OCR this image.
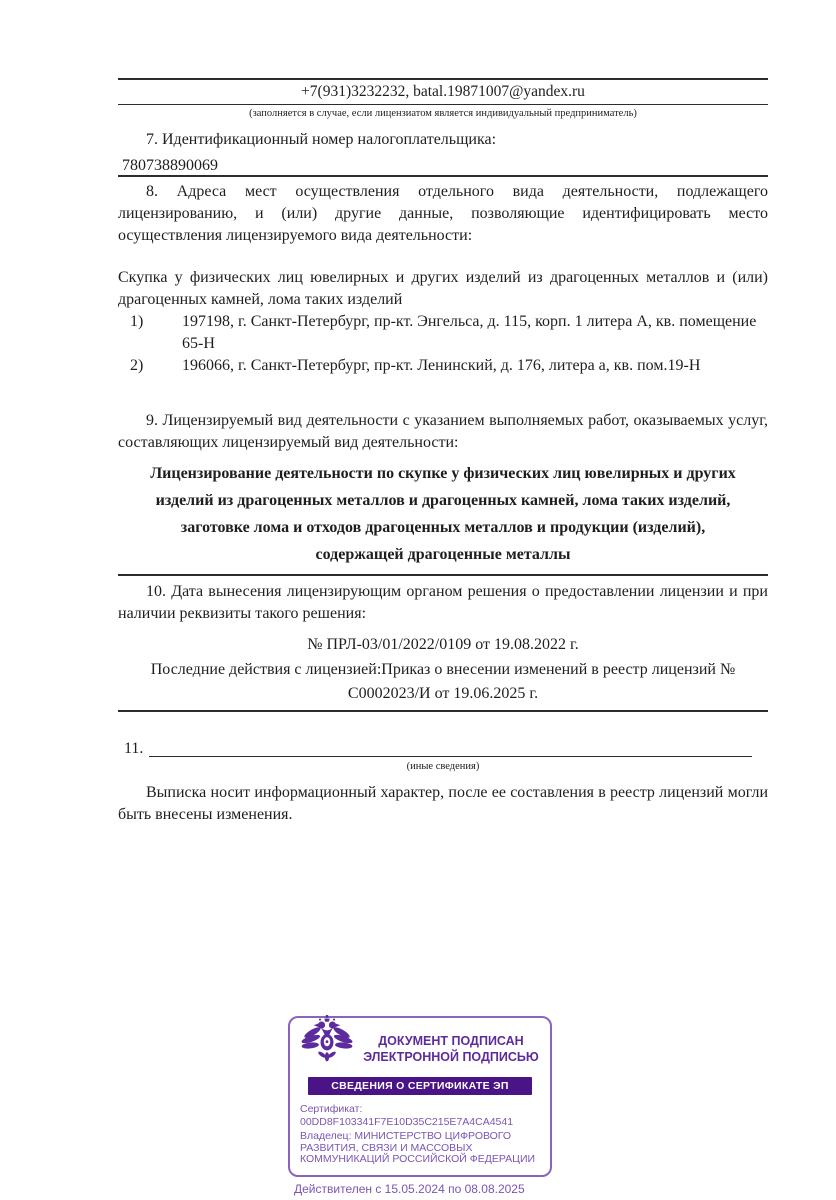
+7(931)3232232, batal.19871007@yandex.ru
(заполняется в случае, если лицензиатом является индивидуальный предприниматель)
7. Идентификационный номер налогоплательщика:
780738890069
8. Адреса мест осуществления отдельного вида деятельности, подлежащего лицензированию, и (или) другие данные, позволяющие идентифицировать место осуществления лицензируемого вида деятельности:
Скупка у физических лиц ювелирных и других изделий из драгоценных металлов и (или) драгоценных камней, лома таких изделий
1)	197198, г. Санкт-Петербург, пр-кт. Энгельса, д. 115, корп. 1 литера А, кв. помещение 65-Н
2)	196066, г. Санкт-Петербург, пр-кт. Ленинский, д. 176, литера а, кв. пом.19-Н
9. Лицензируемый вид деятельности с указанием выполняемых работ, оказываемых услуг, составляющих лицензируемый вид деятельности:
Лицензирование деятельности по скупке у физических лиц ювелирных и других
изделий из драгоценных металлов и драгоценных камней, лома таких изделий,
заготовке лома и отходов драгоценных металлов и продукции (изделий),
содержащей драгоценные металлы
10. Дата вынесения лицензирующим органом решения о предоставлении лицензии и при наличии реквизиты такого решения:
№ ПРЛ-03/01/2022/0109 от 19.08.2022 г.
Последние действия с лицензией:Приказ о внесении изменений в реестр лицензий №
С0002023/И от 19.06.2025 г.
11.
(иные сведения)
Выписка носит информационный характер, после ее составления в реестр лицензий могли быть внесены изменения.
ДОКУМЕНТ ПОДПИСАН
ЭЛЕКТРОННОЙ ПОДПИСЬЮ
СВЕДЕНИЯ О СЕРТИФИКАТЕ ЭП
Сертификат:
00DD8F103341F7E10D35C215E7A4CA4541
Владелец: МИНИСТЕРСТВО ЦИФРОВОГО РАЗВИТИЯ, СВЯЗИ И МАССОВЫХ КОММУНИКАЦИЙ РОССИЙСКОЙ ФЕДЕРАЦИИ
Действителен с 15.05.2024 по 08.08.2025
